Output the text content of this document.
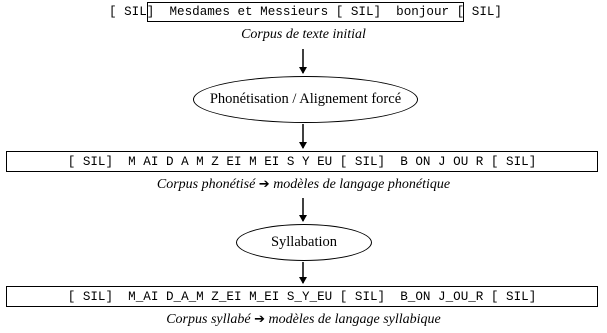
[ SIL]  Mesdames et Messieurs [ SIL]  bonjour [ SIL]
Corpus de texte initial
Phonétisation / Alignement forcé
[ SIL]  M AI D A M Z EI M EI S Y EU [ SIL]  B ON J OU R [ SIL]
Corpus phonétisé ➔ modèles de langage phonétique
Syllabation
[ SIL]  M_AI D_A_M Z_EI M_EI S_Y_EU [ SIL]  B_ON J_OU_R [ SIL]
Corpus syllabé ➔ modèles de langage syllabique
